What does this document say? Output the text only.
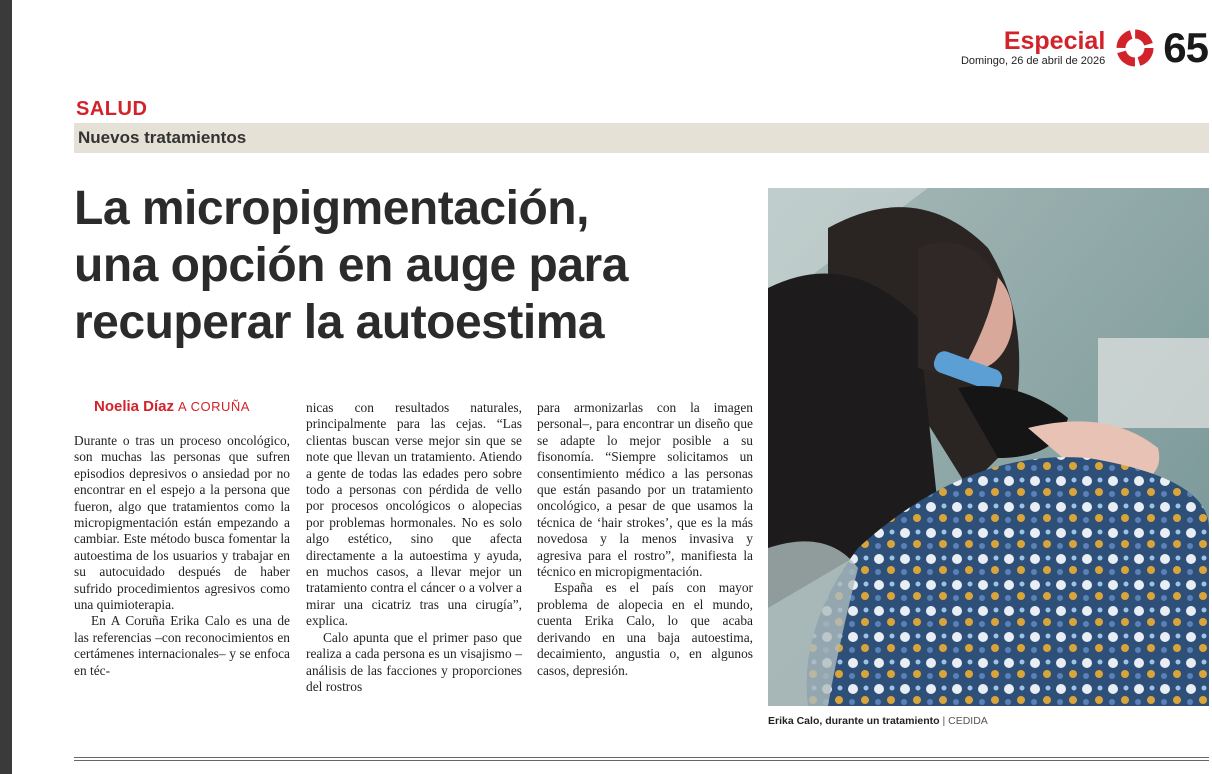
Especial
Domingo, 26 de abril de 2026 65
SALUD
Nuevos tratamientos
La micropigmentación,
una opción en auge para
recuperar la autoestima
Noelia Díaz A CORUÑA

Durante o tras un proceso oncológico, son muchas las personas que sufren episodios depresivos o ansiedad por no encontrar en el espejo a la persona que fueron, algo que tratamientos como la micropigmentación están empezando a cambiar. Este método busca fomentar la autoestima de los usuarios y trabajar en su autocuidado después de haber sufrido procedimientos agresivos como una quimioterapia.

En A Coruña Erika Calo es una de las referencias –con reconocimientos en certámenes internacionales– y se enfoca en téc-

nicas con resultados naturales, principalmente para las cejas. “Las clientas buscan verse mejor sin que se note que llevan un tratamiento. Atiendo a gente de todas las edades pero sobre todo a personas con pérdida de vello por procesos oncológicos o alopecias por problemas hormonales. No es solo algo estético, sino que afecta directamente a la autoestima y ayuda, en muchos casos, a llevar mejor un tratamiento contra el cáncer o a volver a mirar una cicatriz tras una cirugía”, explica.

Calo apunta que el primer paso que realiza a cada persona es un visajismo –análisis de las facciones y proporciones del rostros

para armonizarlas con la imagen personal–, para encontrar un diseño que se adapte lo mejor posible a su fisonomía. “Siempre solicitamos un consentimiento médico a las personas que están pasando por un tratamiento oncológico, a pesar de que usamos la técnica de ‘hair strokes’, que es la más novedosa y la menos invasiva y agresiva para el rostro”, manifiesta la técnico en micropigmentación.

España es el país con mayor problema de alopecia en el mundo, cuenta Erika Calo, lo que acaba derivando en una baja autoestima, decaimiento, angustia o, en algunos casos, depresión.

Erika Calo, durante un tratamiento | CEDIDA
